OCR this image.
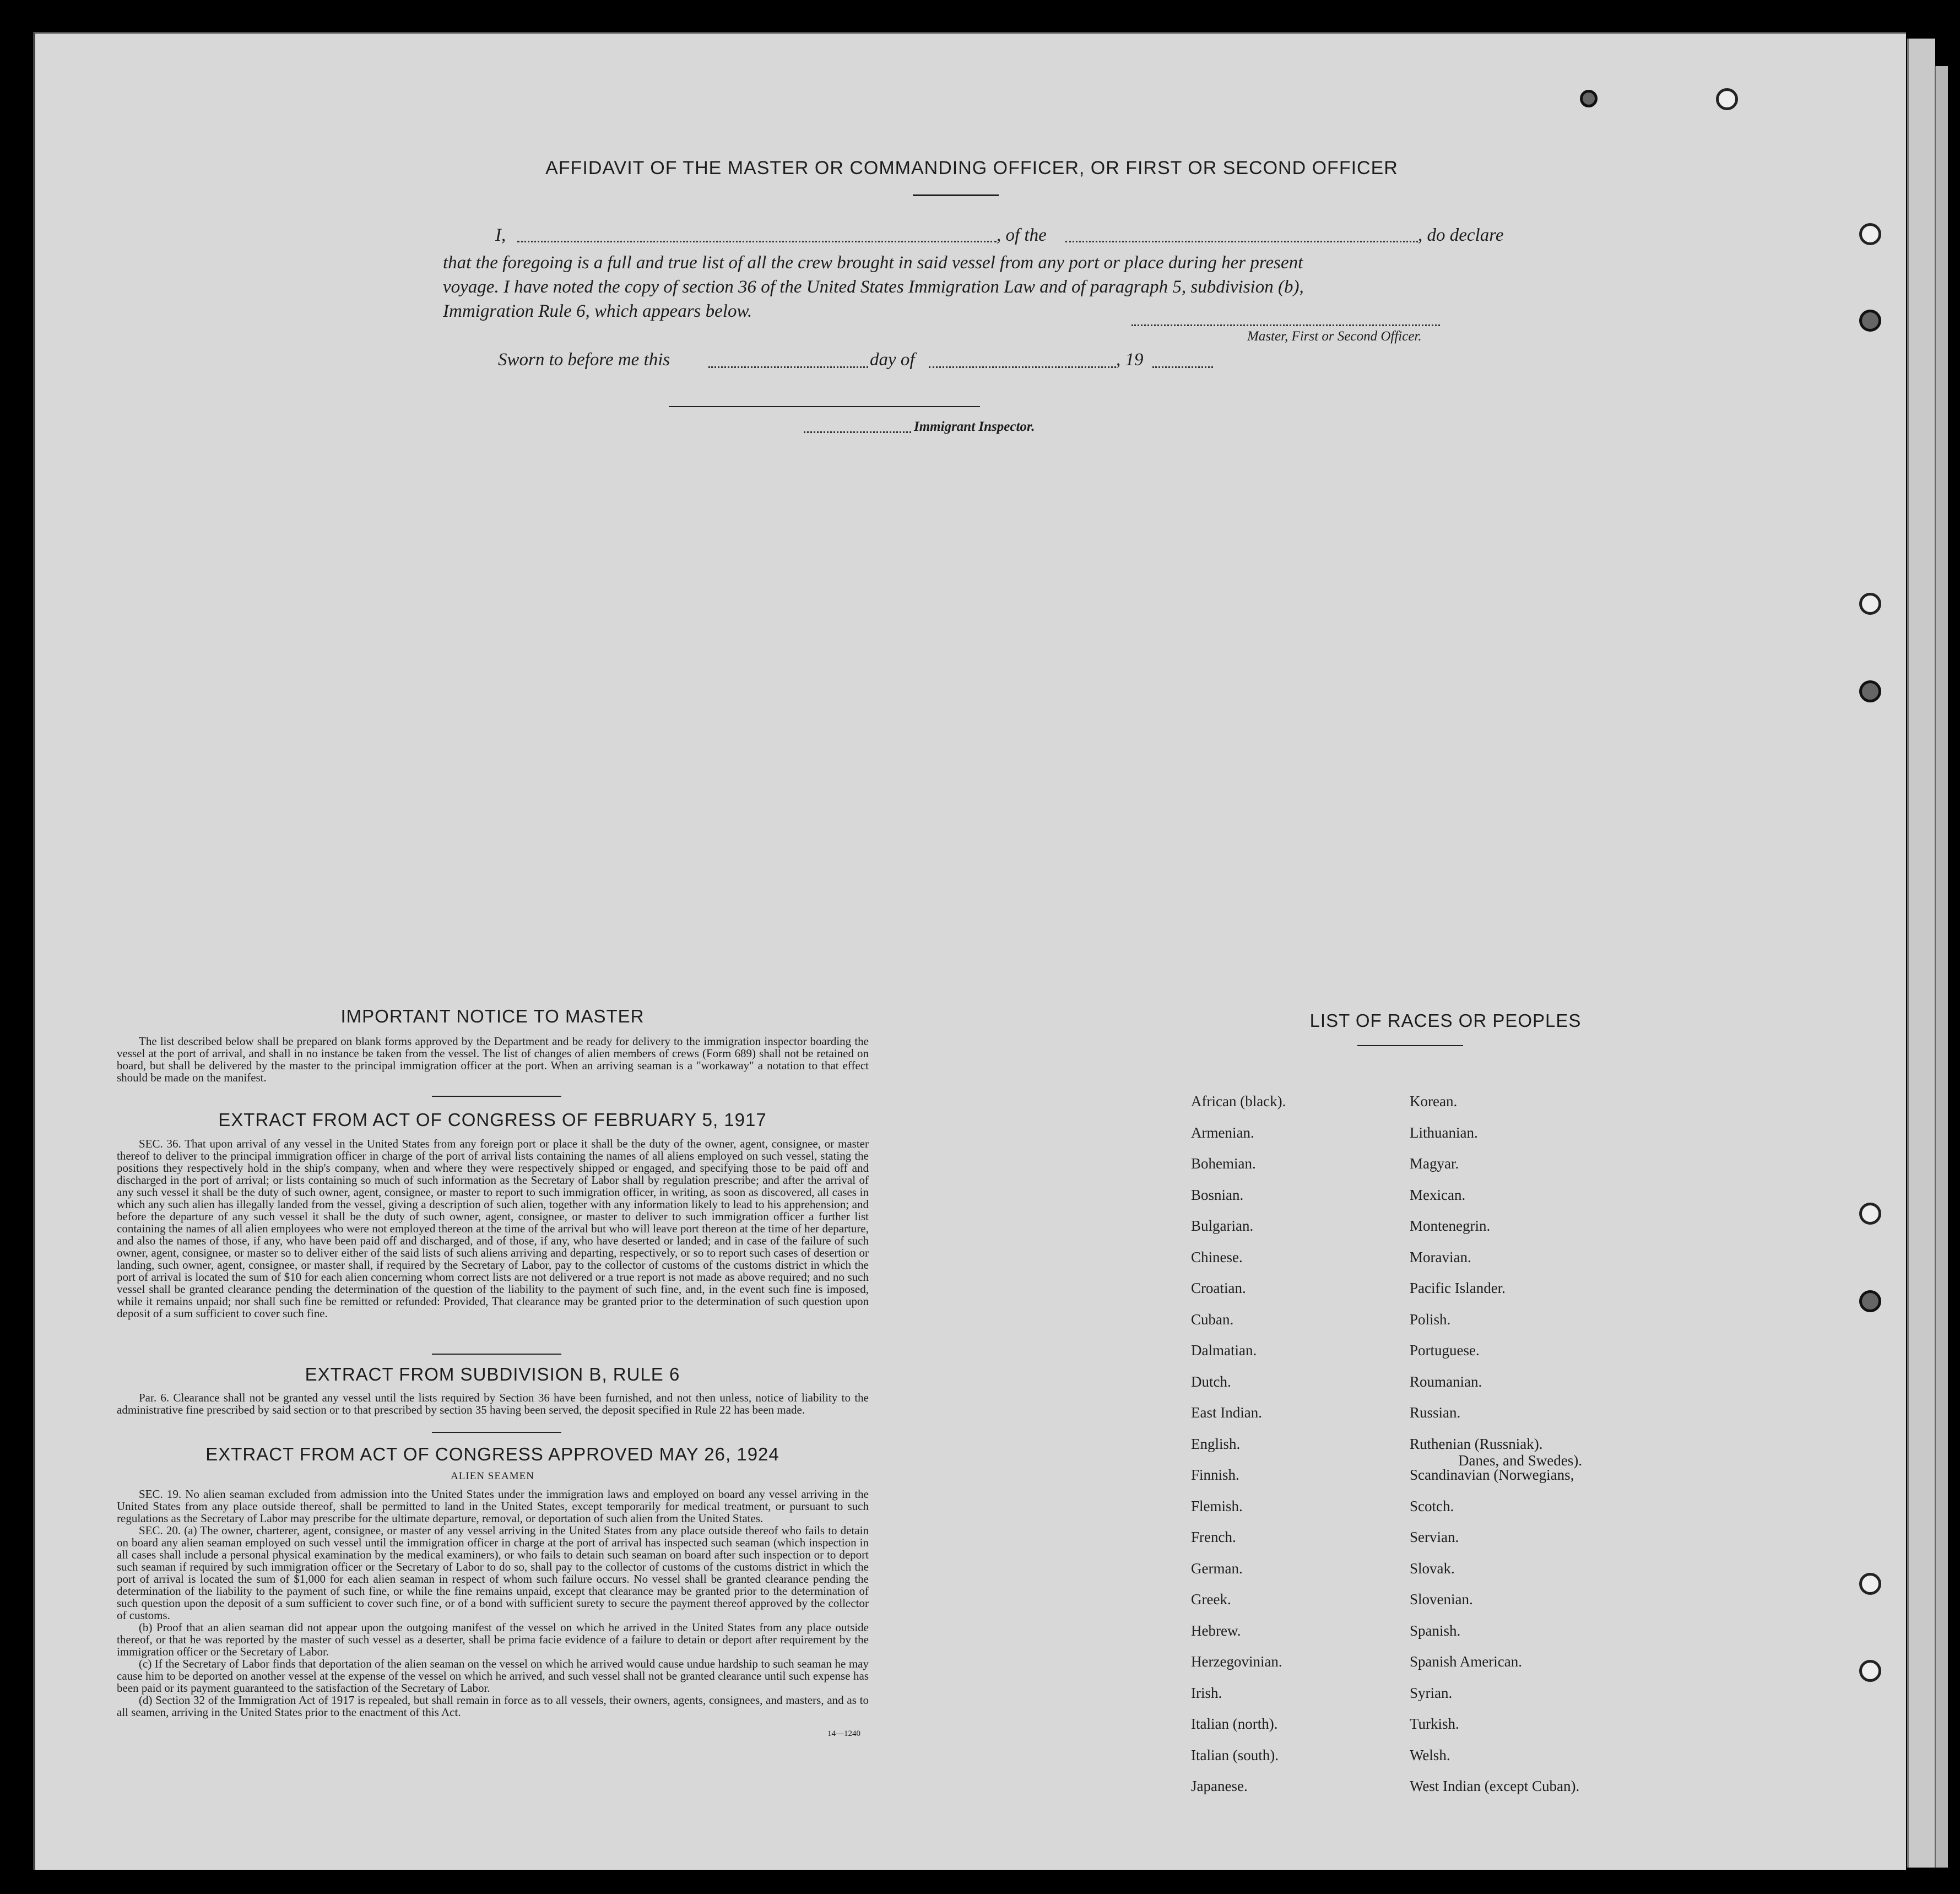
AFFIDAVIT OF THE MASTER OR COMMANDING OFFICER, OR FIRST OR SECOND OFFICER
I,	, of the	, do declare
that the foregoing is a full and true list of all the crew brought in said vessel from any port or place during her present
voyage. I have noted the copy of section 36 of the United States Immigration Law and of paragraph 5, subdivision (b),
Immigration Rule 6, which appears below.
Master, First or Second Officer.
Sworn to before me this	day of	, 19
Immigrant Inspector.
IMPORTANT NOTICE TO MASTER

The list described below shall be prepared on blank forms approved by the Department and be ready for delivery to the immigration inspector boarding the vessel at the port of arrival, and shall in no instance be taken from the vessel. The list of changes of alien members of crews (Form 689) shall not be retained on board, but shall be delivered by the master to the principal immigration officer at the port. When an arriving seaman is a "workaway" a notation to that effect should be made on the manifest.

EXTRACT FROM ACT OF CONGRESS OF FEBRUARY 5, 1917

SEC. 36. That upon arrival of any vessel in the United States from any foreign port or place it shall be the duty of the owner, agent, consignee, or master thereof to deliver to the principal immigration officer in charge of the port of arrival lists containing the names of all aliens employed on such vessel, stating the positions they respectively hold in the ship's company, when and where they were respectively shipped or engaged, and specifying those to be paid off and discharged in the port of arrival; or lists containing so much of such information as the Secretary of Labor shall by regulation prescribe; and after the arrival of any such vessel it shall be the duty of such owner, agent, consignee, or master to report to such immigration officer, in writing, as soon as discovered, all cases in which any such alien has illegally landed from the vessel, giving a description of such alien, together with any information likely to lead to his apprehension; and before the departure of any such vessel it shall be the duty of such owner, agent, consignee, or master to deliver to such immigration officer a further list containing the names of all alien employees who were not employed thereon at the time of the arrival but who will leave port thereon at the time of her departure, and also the names of those, if any, who have been paid off and discharged, and of those, if any, who have deserted or landed; and in case of the failure of such owner, agent, consignee, or master so to deliver either of the said lists of such aliens arriving and departing, respectively, or so to report such cases of desertion or landing, such owner, agent, consignee, or master shall, if required by the Secretary of Labor, pay to the collector of customs of the customs district in which the port of arrival is located the sum of $10 for each alien concerning whom correct lists are not delivered or a true report is not made as above required; and no such vessel shall be granted clearance pending the determination of the question of the liability to the payment of such fine, and, in the event such fine is imposed, while it remains unpaid; nor shall such fine be remitted or refunded: Provided, That clearance may be granted prior to the determination of such question upon deposit of a sum sufficient to cover such fine.

EXTRACT FROM SUBDIVISION B, RULE 6

Par. 6. Clearance shall not be granted any vessel until the lists required by Section 36 have been furnished, and not then unless, notice of liability to the administrative fine prescribed by said section or to that prescribed by section 35 having been served, the deposit specified in Rule 22 has been made.

EXTRACT FROM ACT OF CONGRESS APPROVED MAY 26, 1924
ALIEN SEAMEN

SEC. 19. No alien seaman excluded from admission into the United States under the immigration laws and employed on board any vessel arriving in the United States from any place outside thereof, shall be permitted to land in the United States, except temporarily for medical treatment, or pursuant to such regulations as the Secretary of Labor may prescribe for the ultimate departure, removal, or deportation of such alien from the United States.

SEC. 20. (a) The owner, charterer, agent, consignee, or master of any vessel arriving in the United States from any place outside thereof who fails to detain on board any alien seaman employed on such vessel until the immigration officer in charge at the port of arrival has inspected such seaman (which inspection in all cases shall include a personal physical examination by the medical examiners), or who fails to detain such seaman on board after such inspection or to deport such seaman if required by such immigration officer or the Secretary of Labor to do so, shall pay to the collector of customs of the customs district in which the port of arrival is located the sum of $1,000 for each alien seaman in respect of whom such failure occurs. No vessel shall be granted clearance pending the determination of the liability to the payment of such fine, or while the fine remains unpaid, except that clearance may be granted prior to the determination of such question upon the deposit of a sum sufficient to cover such fine, or of a bond with sufficient surety to secure the payment thereof approved by the collector of customs.

(b) Proof that an alien seaman did not appear upon the outgoing manifest of the vessel on which he arrived in the United States from any place outside thereof, or that he was reported by the master of such vessel as a deserter, shall be prima facie evidence of a failure to detain or deport after requirement by the immigration officer or the Secretary of Labor.

(c) If the Secretary of Labor finds that deportation of the alien seaman on the vessel on which he arrived would cause undue hardship to such seaman he may cause him to be deported on another vessel at the expense of the vessel on which he arrived, and such vessel shall not be granted clearance until such expense has been paid or its payment guaranteed to the satisfaction of the Secretary of Labor.

(d) Section 32 of the Immigration Act of 1917 is repealed, but shall remain in force as to all vessels, their owners, agents, consignees, and masters, and as to all seamen, arriving in the United States prior to the enactment of this Act.

14—1240
LIST OF RACES OR PEOPLES
African (black).
Armenian.
Bohemian.
Bosnian.
Bulgarian.
Chinese.
Croatian.
Cuban.
Dalmatian.
Dutch.
East Indian.
English.
Finnish.
Flemish.
French.
German.
Greek.
Hebrew.
Herzegovinian.
Irish.
Italian (north).
Italian (south).
Japanese.
Korean.
Lithuanian.
Magyar.
Mexican.
Montenegrin.
Moravian.
Pacific Islander.
Polish.
Portuguese.
Roumanian.
Russian.
Ruthenian (Russniak).
Scandinavian (Norwegians,
Scotch.
Servian.
Slovak.
Slovenian.
Spanish.
Spanish American.
Syrian.
Turkish.
Welsh.
West Indian (except Cuban).
Danes, and Swedes).
